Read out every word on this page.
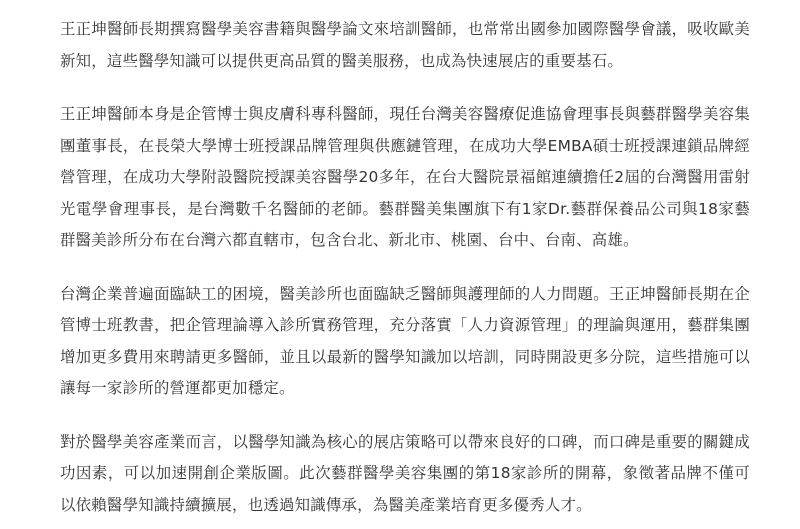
王正坤醫師長期撰寫醫學美容書籍與醫學論文來培訓醫師，也常常出國參加國際醫學會議，吸收歐美新知，這些醫學知識可以提供更高品質的醫美服務，也成為快速展店的重要基石。

王正坤醫師本身是企管博士與皮膚科專科醫師，現任台灣美容醫療促進協會理事長與藝群醫學美容集團董事長，在長榮大學博士班授課品牌管理與供應鏈管理，在成功大學EMBA碩士班授課連鎖品牌經營管理，在成功大學附設醫院授課美容醫學20多年，在台大醫院景福館連續擔任2屆的台灣醫用雷射光電學會理事長，是台灣數千名醫師的老師。藝群醫美集團旗下有1家Dr.藝群保養品公司與18家藝群醫美診所分布在台灣六都直轄市，包含台北、新北市、桃園、台中、台南、高雄。

台灣企業普遍面臨缺工的困境，醫美診所也面臨缺乏醫師與護理師的人力問題。王正坤醫師長期在企管博士班教書，把企管理論導入診所實務管理，充分落實「人力資源管理」的理論與運用，藝群集團增加更多費用來聘請更多醫師，並且以最新的醫學知識加以培訓，同時開設更多分院，這些措施可以讓每一家診所的營運都更加穩定。

對於醫學美容產業而言，以醫學知識為核心的展店策略可以帶來良好的口碑，而口碑是重要的關鍵成功因素，可以加速開創企業版圖。此次藝群醫學美容集團的第18家診所的開幕，象徵著品牌不僅可以依賴醫學知識持續擴展，也透過知識傳承，為醫美產業培育更多優秀人才。
